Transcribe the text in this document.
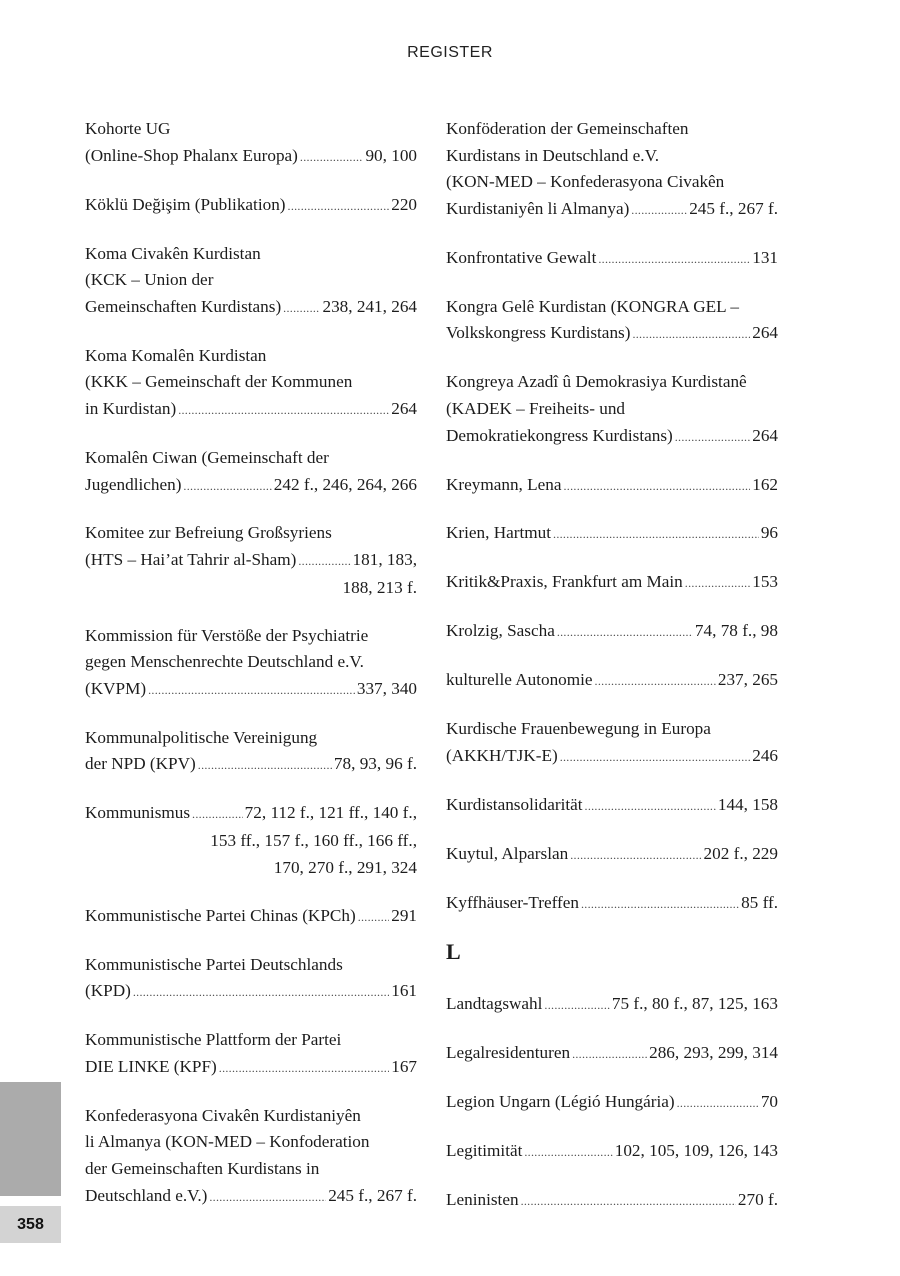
REGISTER
Kohorte UG
(Online-Shop Phalanx Europa) .....	90, 100
Köklü Değişim (Publikation) .....	220
Koma Civakên Kurdistan
(KCK – Union der
Gemeinschaften Kurdistans) ..... 238, 241, 264
Koma Komalên Kurdistan
(KKK – Gemeinschaft der Kommunen
in Kurdistan) .....	264
Komalên Ciwan (Gemeinschaft der
Jugendlichen) .....	242 f., 246, 264, 266
Komitee zur Befreiung Großsyriens
(HTS – Hai’at Tahrir al-Sham) .....	181, 183,
188, 213 f.
Kommission für Verstöße der Psychiatrie
gegen Menschenrechte Deutschland e.V.
(KVPM) .....	337, 340
Kommunalpolitische Vereinigung
der NPD (KPV) .....	78, 93, 96 f.
Kommunismus .....	72, 112 f., 121 ff., 140 f.,
153 ff., 157 f., 160 ff., 166 ff.,
170, 270 f., 291, 324
Kommunistische Partei Chinas (KPCh) ..... 291
Kommunistische Partei Deutschlands
(KPD) .....	161
Kommunistische Plattform der Partei
DIE LINKE (KPF) .....	167
Konfederasyona Civakên Kurdistaniyên
li Almanya (KON-MED – Konfoderation
der Gemeinschaften Kurdistans in
Deutschland e.V.) .....	245 f., 267 f.
Konföderation der Gemeinschaften
Kurdistans in Deutschland e.V.
(KON-MED – Konfederasyona Civakên
Kurdistaniyên li Almanya) .....	245 f., 267 f.
Konfrontative Gewalt .....	131
Kongra Gelê Kurdistan (KONGRA GEL –
Volkskongress Kurdistans) .....	264
Kongreya Azadî û Demokrasiya Kurdistanê
(KADEK – Freiheits- und
Demokratiekongress Kurdistans) .....	264
Kreymann, Lena .....	162
Krien, Hartmut .....	96
Kritik&Praxis, Frankfurt am Main .....	153
Krolzig, Sascha .....	74, 78 f., 98
kulturelle Autonomie .....	237, 265
Kurdische Frauenbewegung in Europa
(AKKH/TJK-E) .....	246
Kurdistansolidarität .....	144, 158
Kuytul, Alparslan .....	202 f., 229
Kyffhäuser-Treffen .....	85 ff.
L
Landtagswahl .....	75 f., 80 f., 87, 125, 163
Legalresidenturen .....	286, 293, 299, 314
Legion Ungarn (Légió Hungária) .....	70
Legitimität .....	102, 105, 109, 126, 143
Leninisten .....	270 f.
358
